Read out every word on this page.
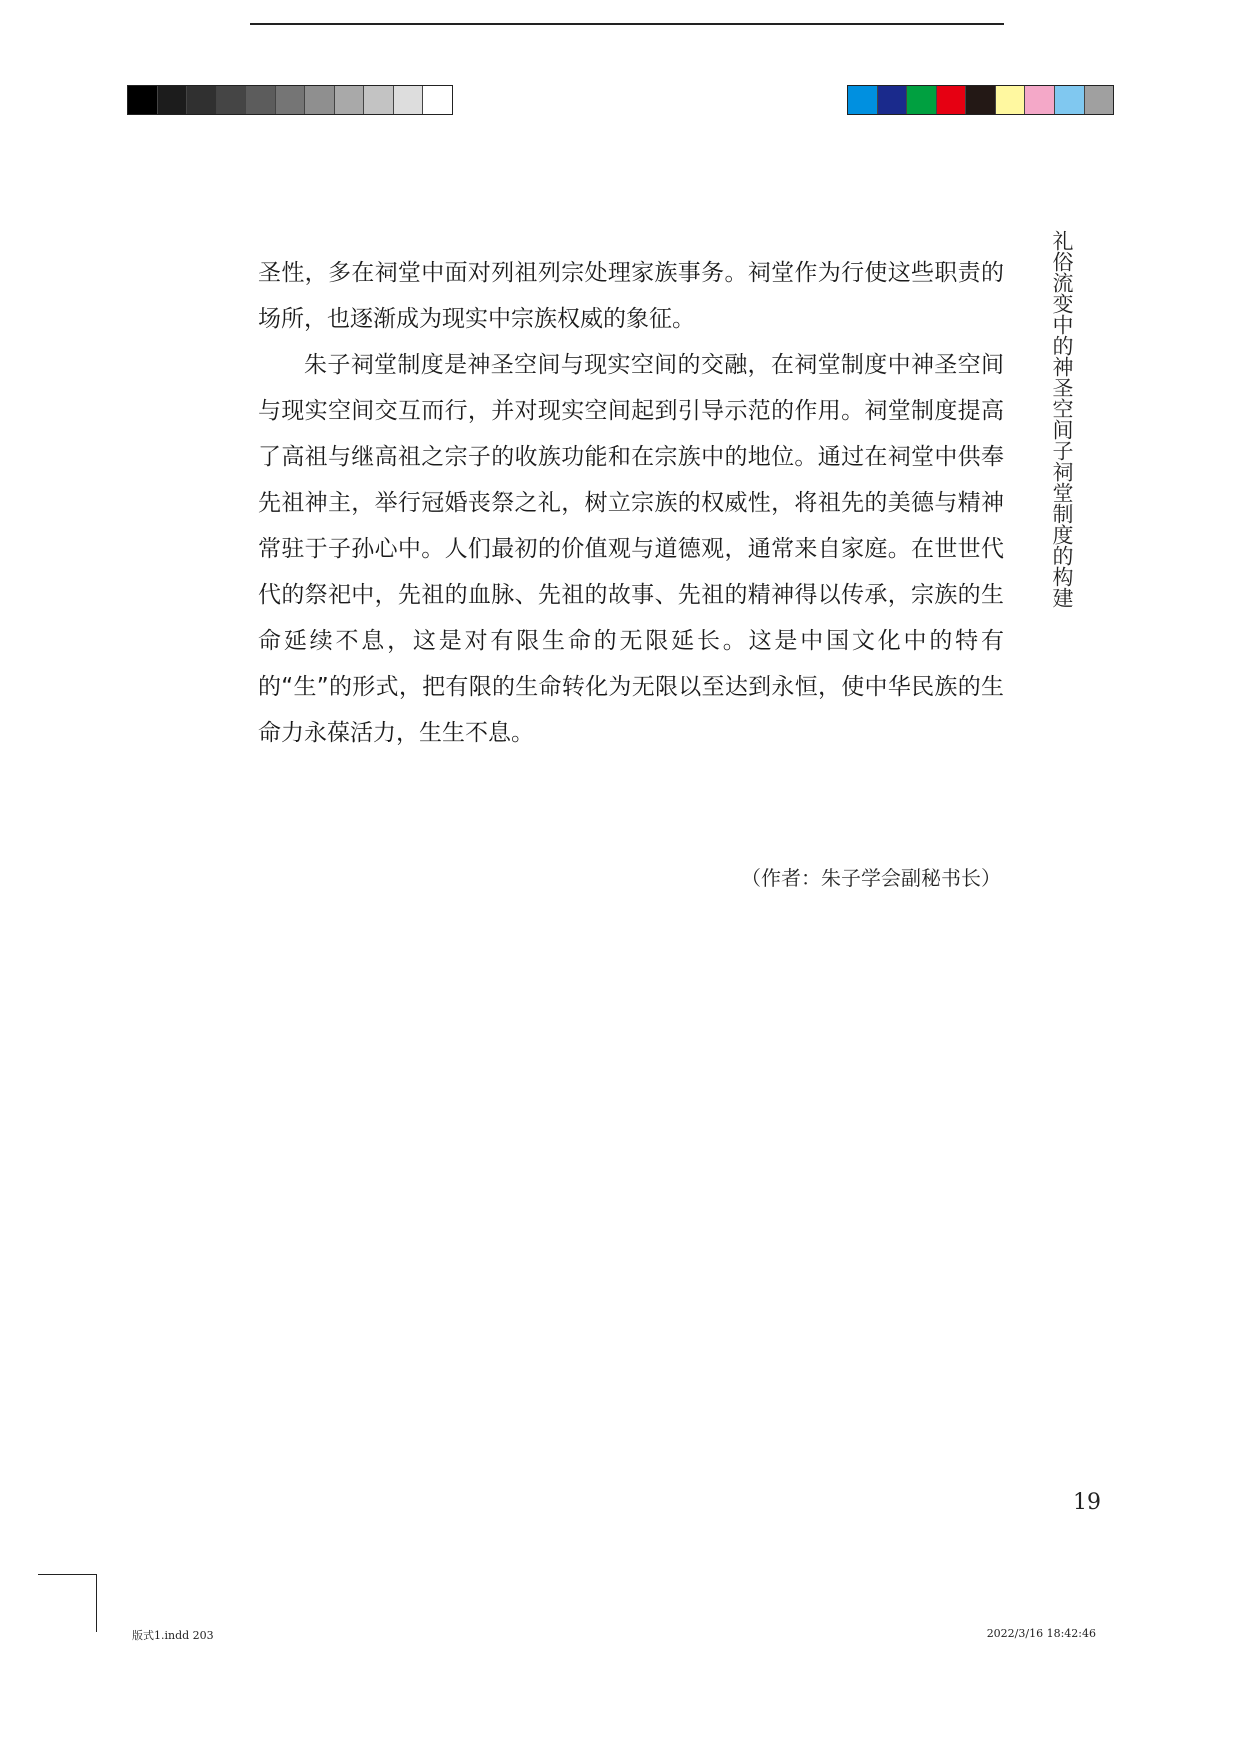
礼俗流变中的神圣空间子祠堂制度的构建

圣性，多在祠堂中面对列祖列宗处理家族事务。祠堂作为行使这些职责的场所，也逐渐成为现实中宗族权威的象征。

朱子祠堂制度是神圣空间与现实空间的交融，在祠堂制度中神圣空间与现实空间交互而行，并对现实空间起到引导示范的作用。祠堂制度提高了高祖与继高祖之宗子的收族功能和在宗族中的地位。通过在祠堂中供奉先祖神主，举行冠婚丧祭之礼，树立宗族的权威性，将祖先的美德与精神常驻于子孙心中。人们最初的价值观与道德观，通常来自家庭。在世世代代的祭祀中，先祖的血脉、先祖的故事、先祖的精神得以传承，宗族的生命延续不息，这是对有限生命的无限延长。这是中国文化中的特有的“生”的形式，把有限的生命转化为无限以至达到永恒，使中华民族的生命力永葆活力，生生不息。

（作者：朱子学会副秘书长）
19
版式1.indd 203	2022/3/16 18:42:46
